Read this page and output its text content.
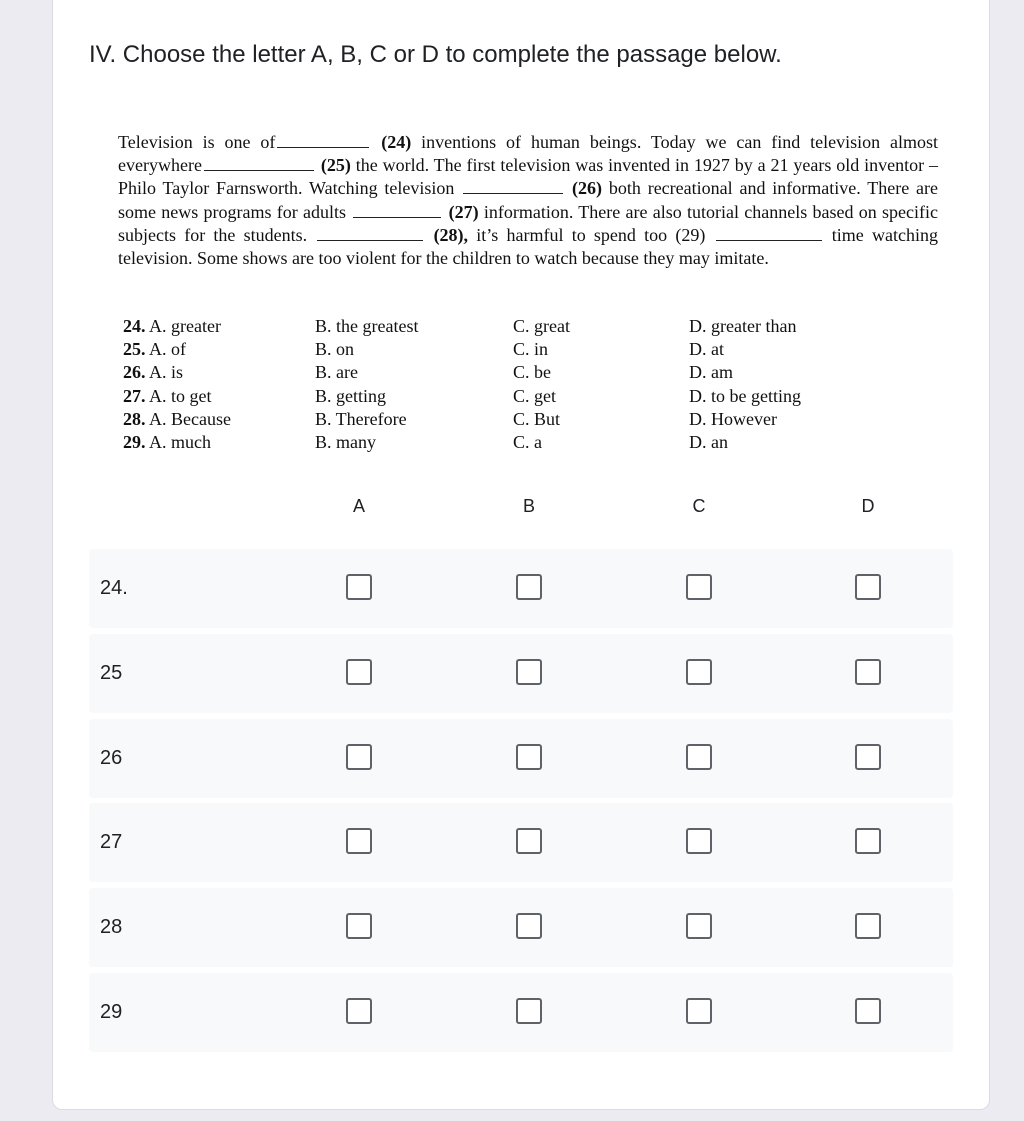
IV. Choose the letter A, B, C or D to complete the passage below.
Television is one of	(24) inventions of human beings. Today we can find television almost everywhere	(25) the world. The first television was invented in 1927 by a 21 years old inventor – Philo Taylor Farnsworth. Watching television	(26) both recreational and informative. There are some news programs for adults	(27) information. There are also tutorial channels based on specific subjects for the students.	(28), it’s harmful to spend too (29)	time watching television. Some shows are too violent for the children to watch because they may imitate.
24. A. greater	B. the greatest	C. great	D. greater than
25. A. of	B. on	C. in	D. at
26. A. is	B. are	C. be	D. am
27. A. to get	B. getting	C. get	D. to be getting
28. A. Because	B. Therefore	C. But	D. However
29. A. much	B. many	C. a	D. an
A	B	C	D
24.
25
26
27
28
29
